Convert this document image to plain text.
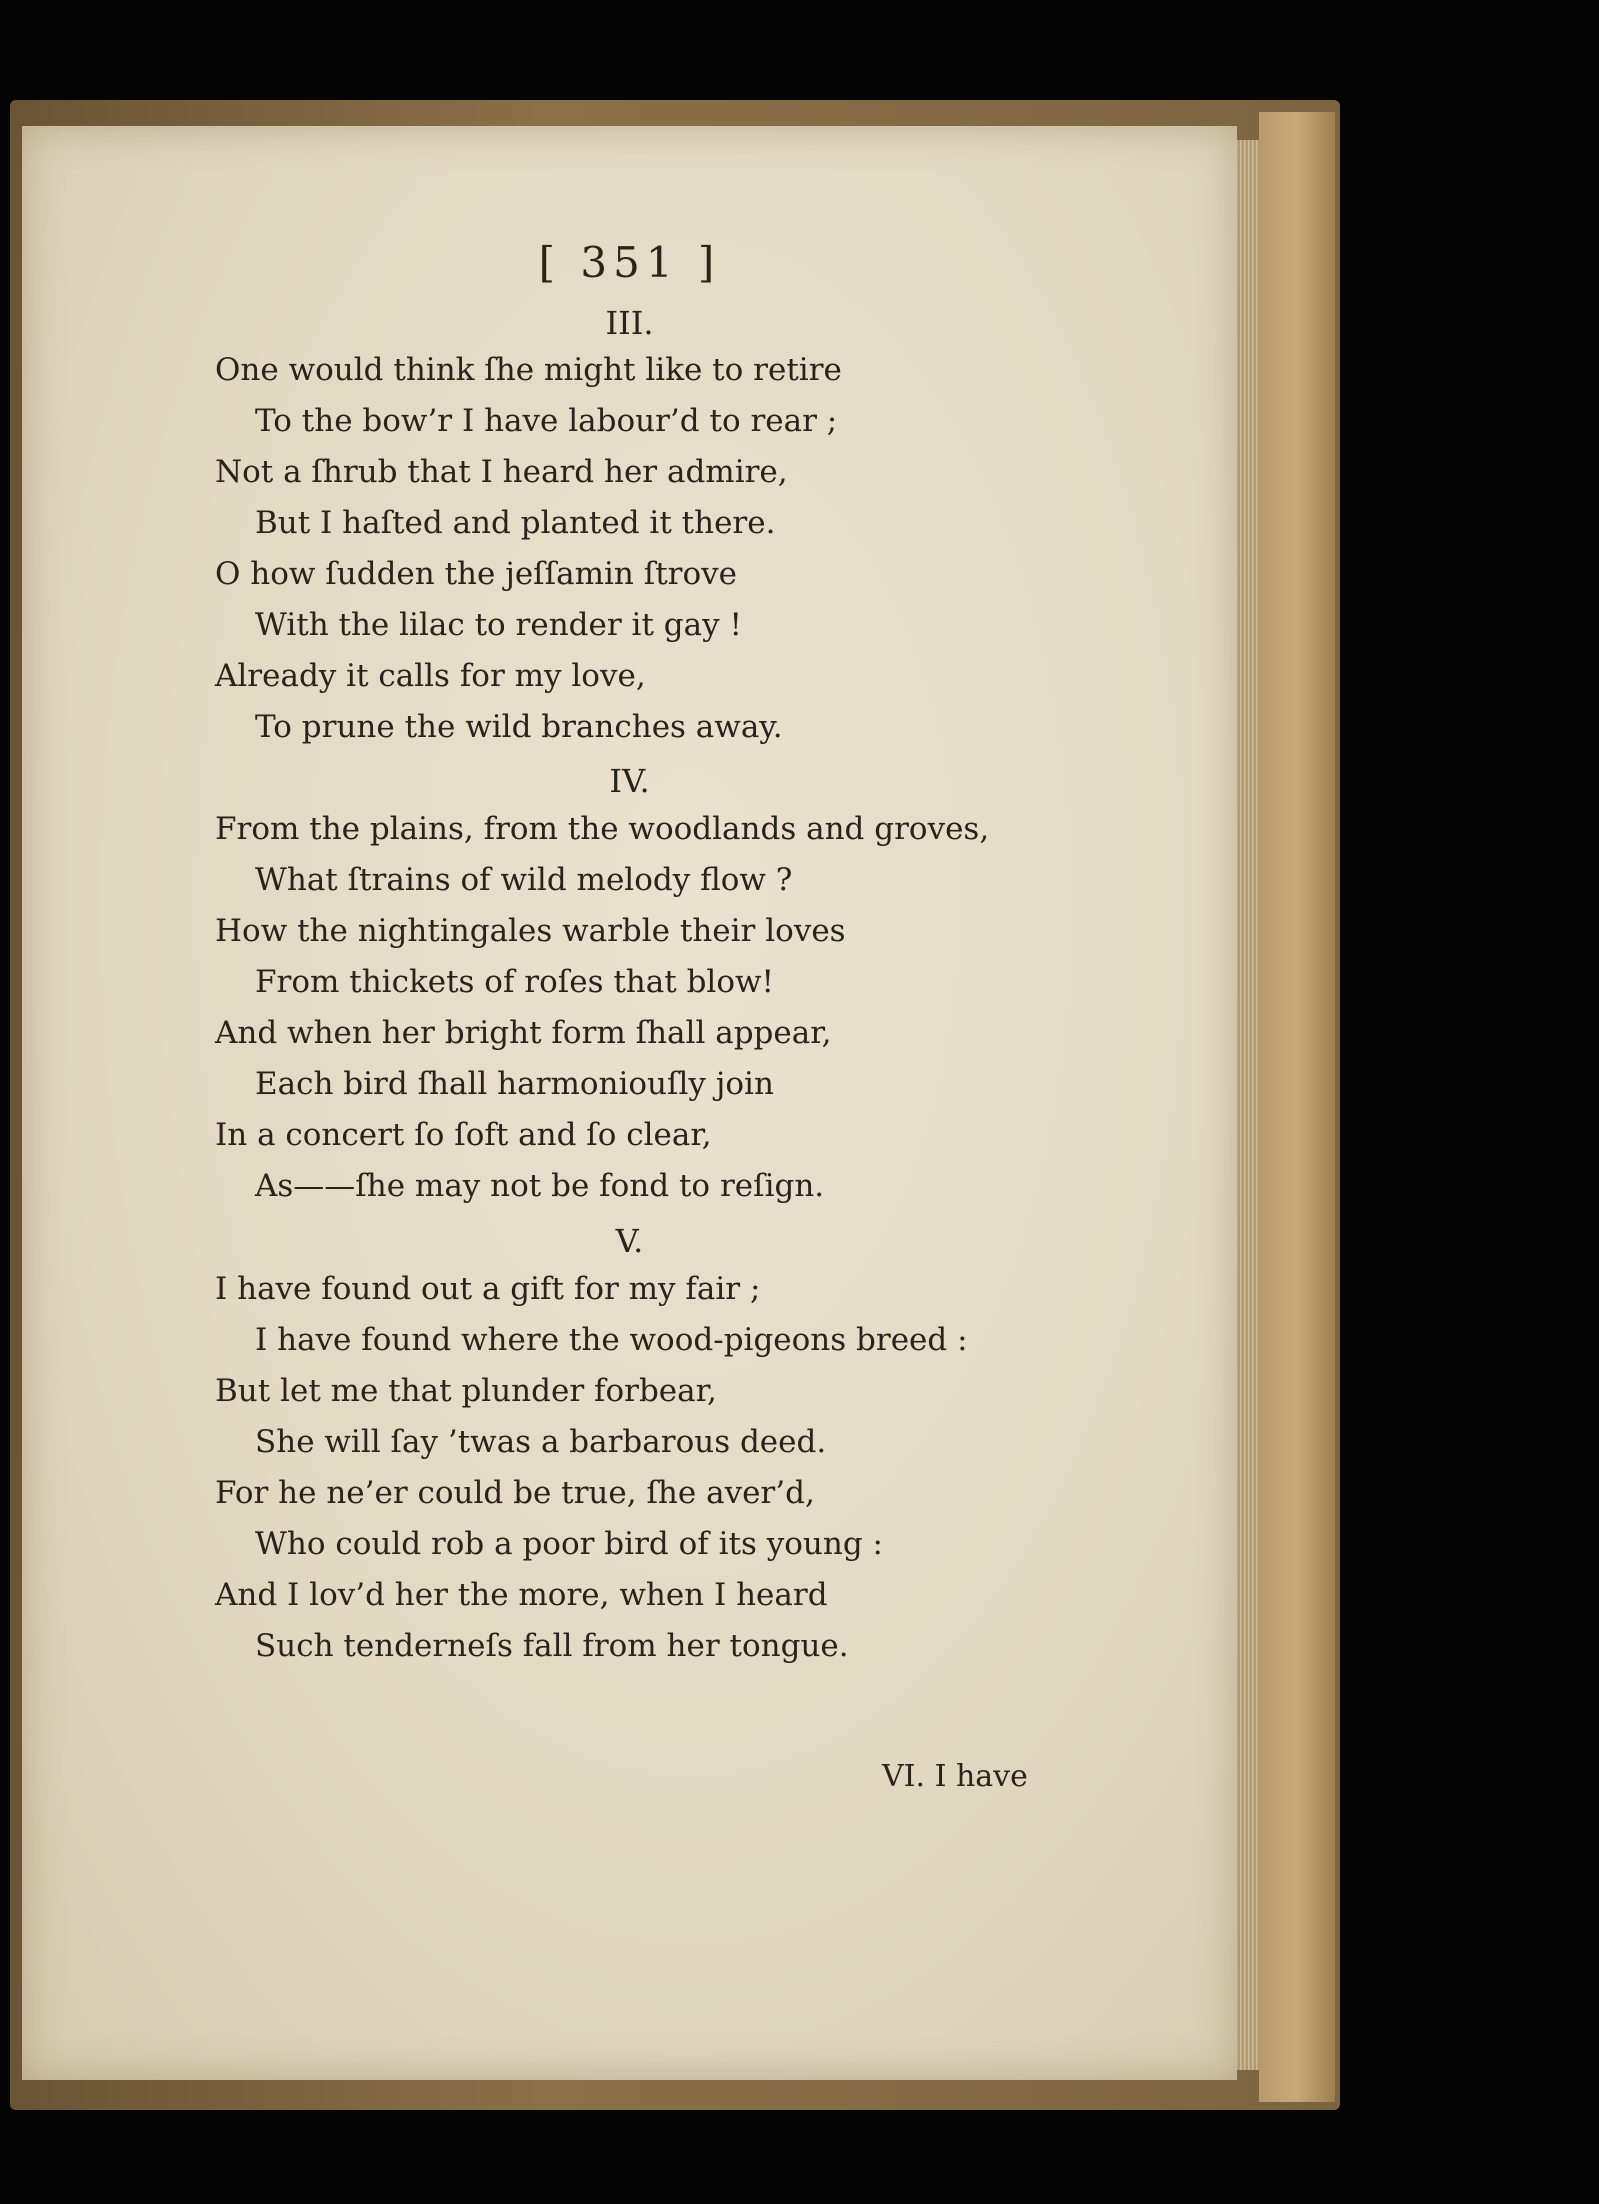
[ 351 ]
III.
One would think ſhe might like to retire
To the bow’r I have labour’d to rear ;
Not a ſhrub that I heard her admire,
But I haſted and planted it there.
O how ſudden the jeſſamin ſtrove
With the lilac to render it gay !
Already it calls for my love,
To prune the wild branches away.
IV.
From the plains, from the woodlands and groves,
What ſtrains of wild melody flow ?
How the nightingales warble their loves
From thickets of roſes that blow!
And when her bright form ſhall appear,
Each bird ſhall harmoniouſly join
In a concert ſo ſoft and ſo clear,
As——ſhe may not be fond to reſign.
V.
I have found out a gift for my fair ;
I have found where the wood-pigeons breed :
But let me that plunder forbear,
She will ſay ’twas a barbarous deed.
For he ne’er could be true, ſhe aver’d,
Who could rob a poor bird of its young :
And I lov’d her the more, when I heard
Such tenderneſs fall from her tongue.
VI. I have
